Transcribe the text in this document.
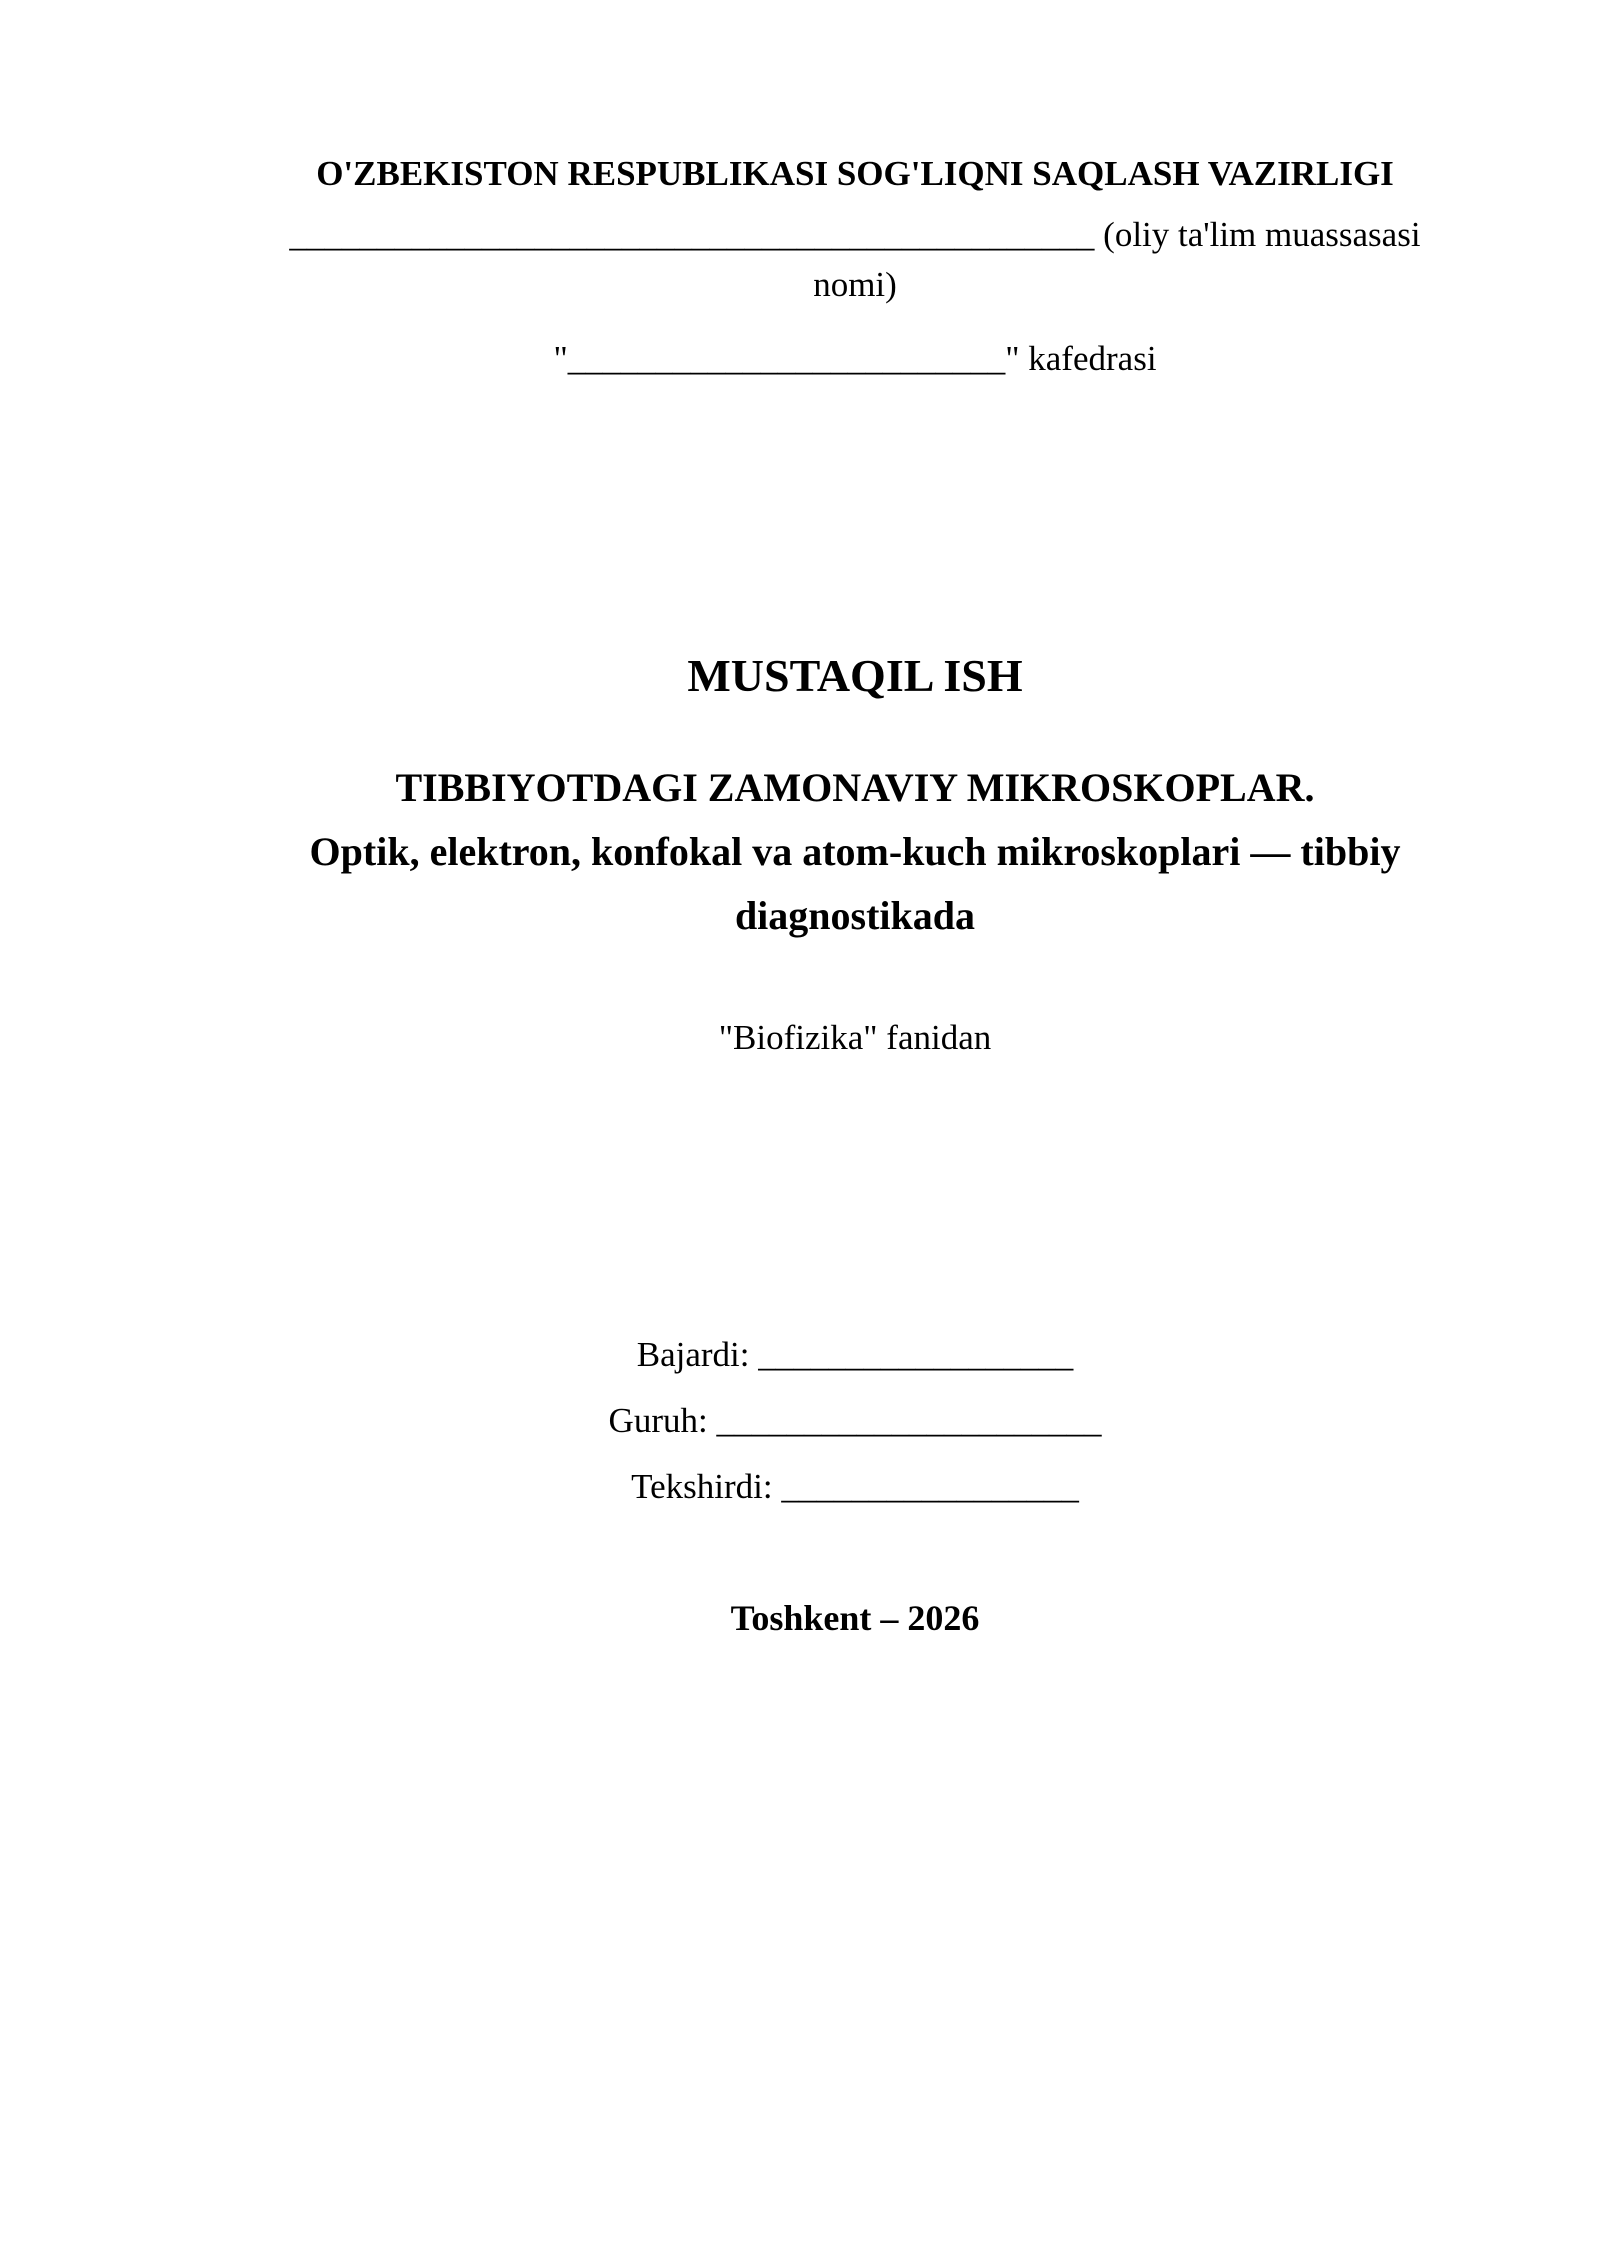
O'ZBEKISTON RESPUBLIKASI SOG'LIQNI SAQLASH VAZIRLIGI
______________________________________________ (oliy ta'lim muassasasi nomi)
"_________________________" kafedrasi
MUSTAQIL ISH
TIBBIYOTDAGI ZAMONAVIY MIKROSKOPLAR.
Optik, elektron, konfokal va atom-kuch mikroskoplari — tibbiy diagnostikada
"Biofizika" fanidan
Bajardi: __________________
Guruh: ______________________
Tekshirdi: _________________
Toshkent – 2026
